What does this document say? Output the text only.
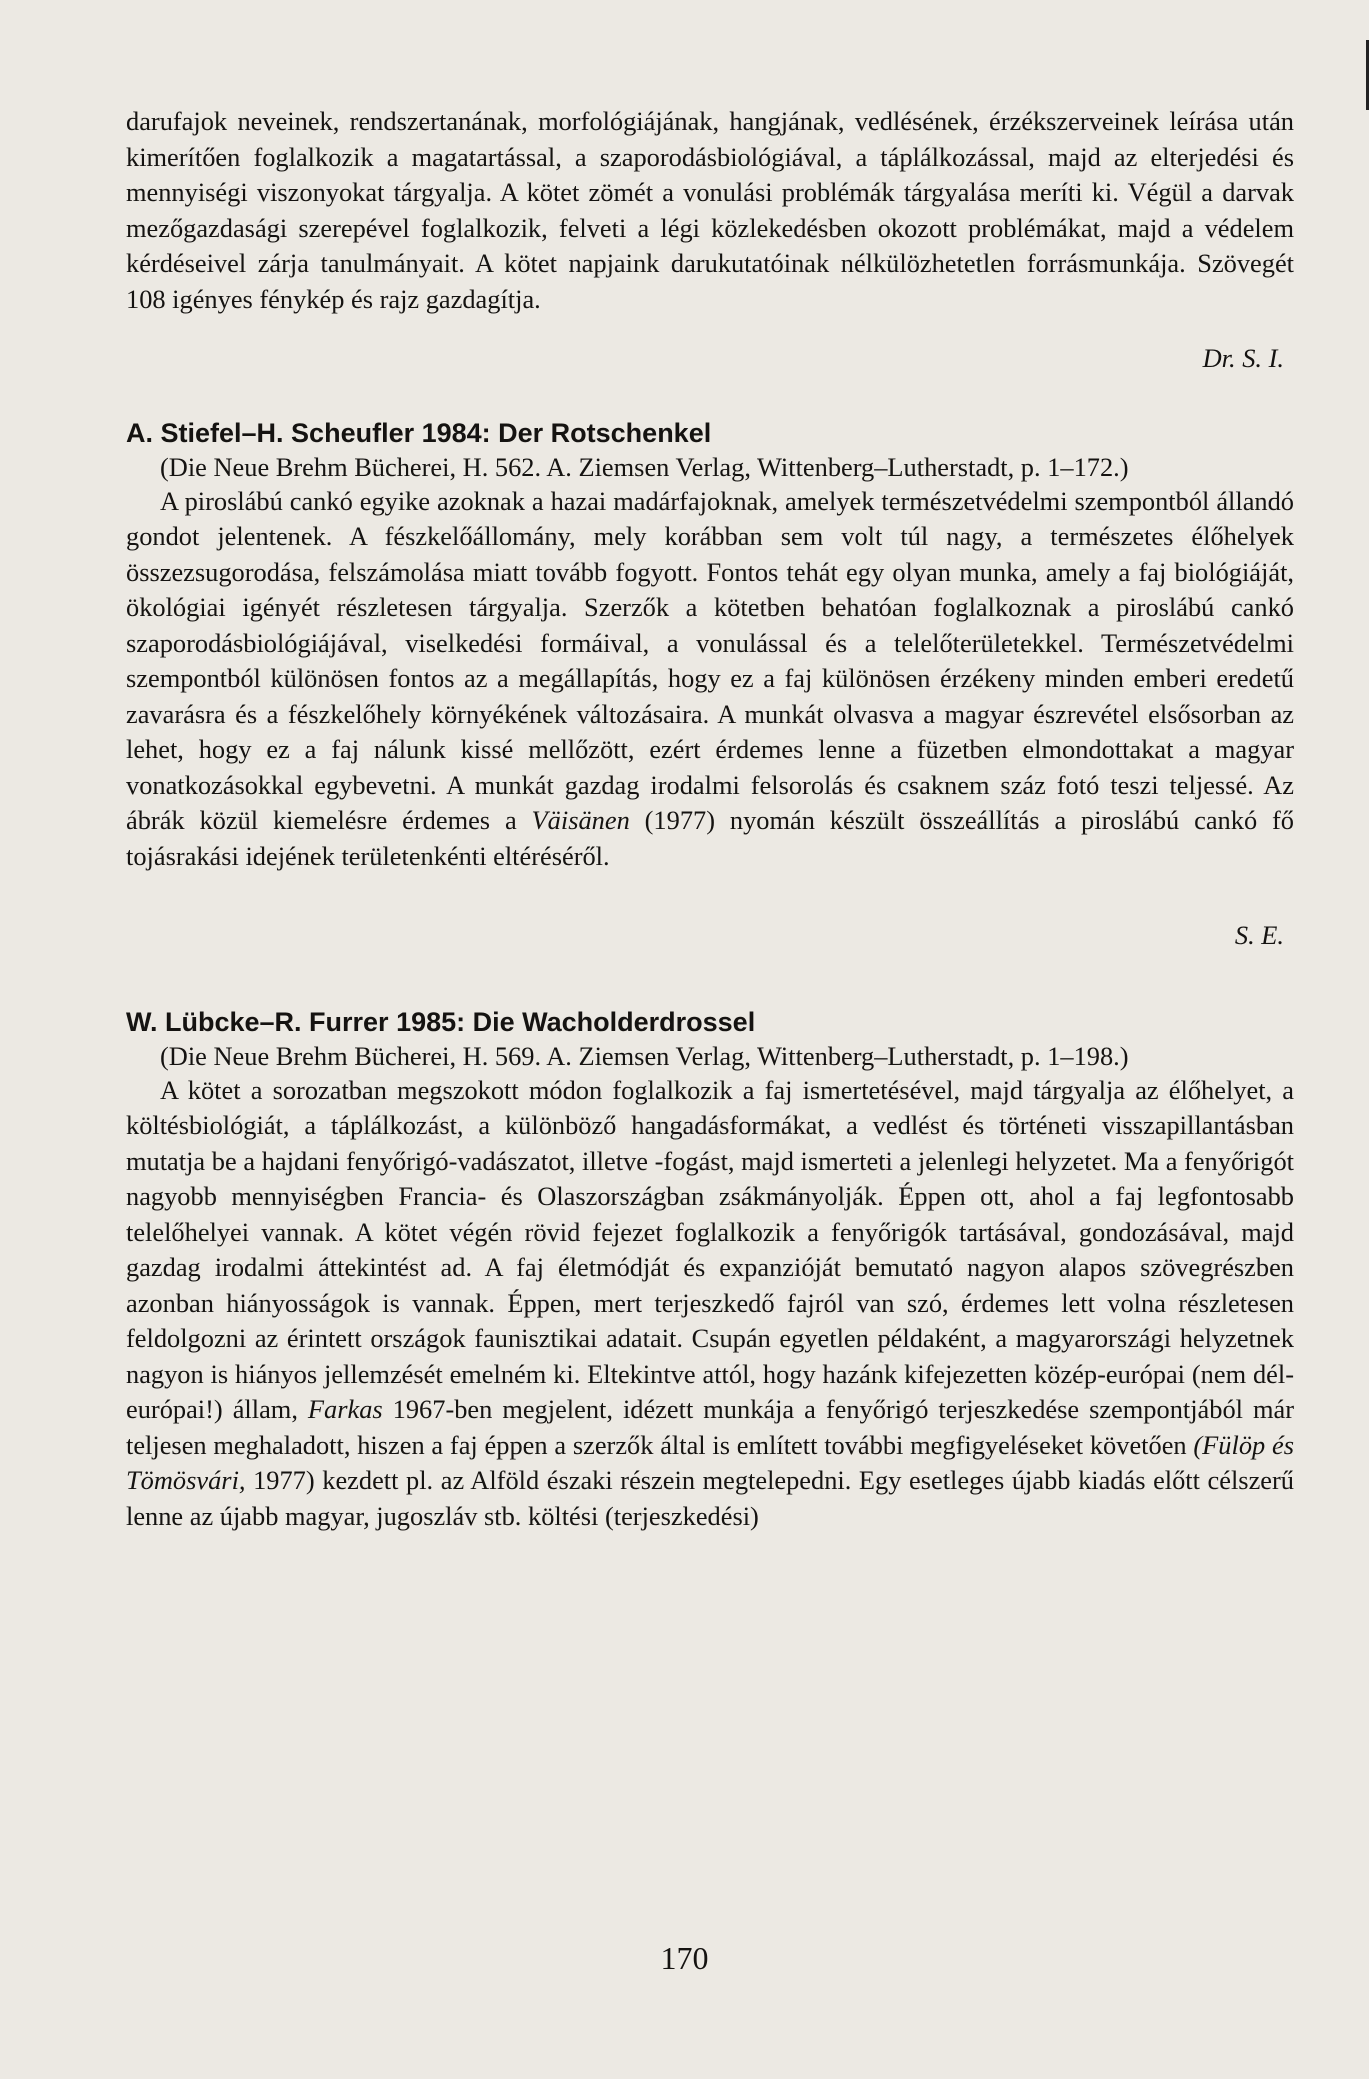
darufajok neveinek, rendszertanának, morfológiájának, hangjának, vedlésének, érzékszerveinek leírása után kimerítően foglalkozik a magatartással, a szaporodásbiológiával, a táplálkozással, majd az elterjedési és mennyiségi viszonyokat tárgyalja. A kötet zömét a vonulási problémák tárgyalása meríti ki. Végül a darvak mezőgazdasági szerepével foglalkozik, felveti a légi közlekedésben okozott problémákat, majd a védelem kérdéseivel zárja tanulmányait. A kötet napjaink darukutatóinak nélkülözhetetlen forrásmunkája. Szövegét 108 igényes fénykép és rajz gazdagítja.

Dr. S. I.
A. Stiefel–H. Scheufler 1984: Der Rotschenkel

(Die Neue Brehm Bücherei, H. 562. A. Ziemsen Verlag, Wittenberg–Lutherstadt, p. 1–172.)

A piroslábú cankó egyike azoknak a hazai madárfajoknak, amelyek természetvédelmi szempontból állandó gondot jelentenek. A fészkelőállomány, mely korábban sem volt túl nagy, a természetes élőhelyek összezsugorodása, felszámolása miatt tovább fogyott. Fontos tehát egy olyan munka, amely a faj biológiáját, ökológiai igényét részletesen tárgyalja. Szerzők a kötetben behatóan foglalkoznak a piroslábú cankó szaporodásbiológiájával, viselkedési formáival, a vonulással és a telelőterületekkel. Természetvédelmi szempontból különösen fontos az a megállapítás, hogy ez a faj különösen érzékeny minden emberi eredetű zavarásra és a fészkelőhely környékének változásaira. A munkát olvasva a magyar észrevétel elsősorban az lehet, hogy ez a faj nálunk kissé mellőzött, ezért érdemes lenne a füzetben elmondottakat a magyar vonatkozásokkal egybevetni. A munkát gazdag irodalmi felsorolás és csaknem száz fotó teszi teljessé. Az ábrák közül kiemelésre érdemes a Väisänen (1977) nyomán készült összeállítás a piroslábú cankó fő tojásrakási idejének területenkénti eltéréséről.

S. E.
W. Lübcke–R. Furrer 1985: Die Wacholderdrossel

(Die Neue Brehm Bücherei, H. 569. A. Ziemsen Verlag, Wittenberg–Lutherstadt, p. 1–198.)

A kötet a sorozatban megszokott módon foglalkozik a faj ismertetésével, majd tárgyalja az élőhelyet, a költésbiológiát, a táplálkozást, a különböző hangadásformákat, a vedlést és történeti visszapillantásban mutatja be a hajdani fenyőrigó-vadászatot, illetve -fogást, majd ismerteti a jelenlegi helyzetet. Ma a fenyőrigót nagyobb mennyiségben Francia- és Olaszországban zsákmányolják. Éppen ott, ahol a faj legfontosabb telelőhelyei vannak. A kötet végén rövid fejezet foglalkozik a fenyőrigók tartásával, gondozásával, majd gazdag irodalmi áttekintést ad. A faj életmódját és expanzióját bemutató nagyon alapos szövegrészben azonban hiányosságok is vannak. Éppen, mert terjeszkedő fajról van szó, érdemes lett volna részletesen feldolgozni az érintett országok faunisztikai adatait. Csupán egyetlen példaként, a magyarországi helyzetnek nagyon is hiányos jellemzését emelném ki. Eltekintve attól, hogy hazánk kifejezetten közép-európai (nem dél-európai!) állam, Farkas 1967-ben megjelent, idézett munkája a fenyőrigó terjeszkedése szempontjából már teljesen meghaladott, hiszen a faj éppen a szerzők által is említett további megfigyeléseket követően (Fülöp és Tömösvári, 1977) kezdett pl. az Alföld északi részein megtelepedni. Egy esetleges újabb kiadás előtt célszerű lenne az újabb magyar, jugoszláv stb. költési (terjeszkedési)

170
